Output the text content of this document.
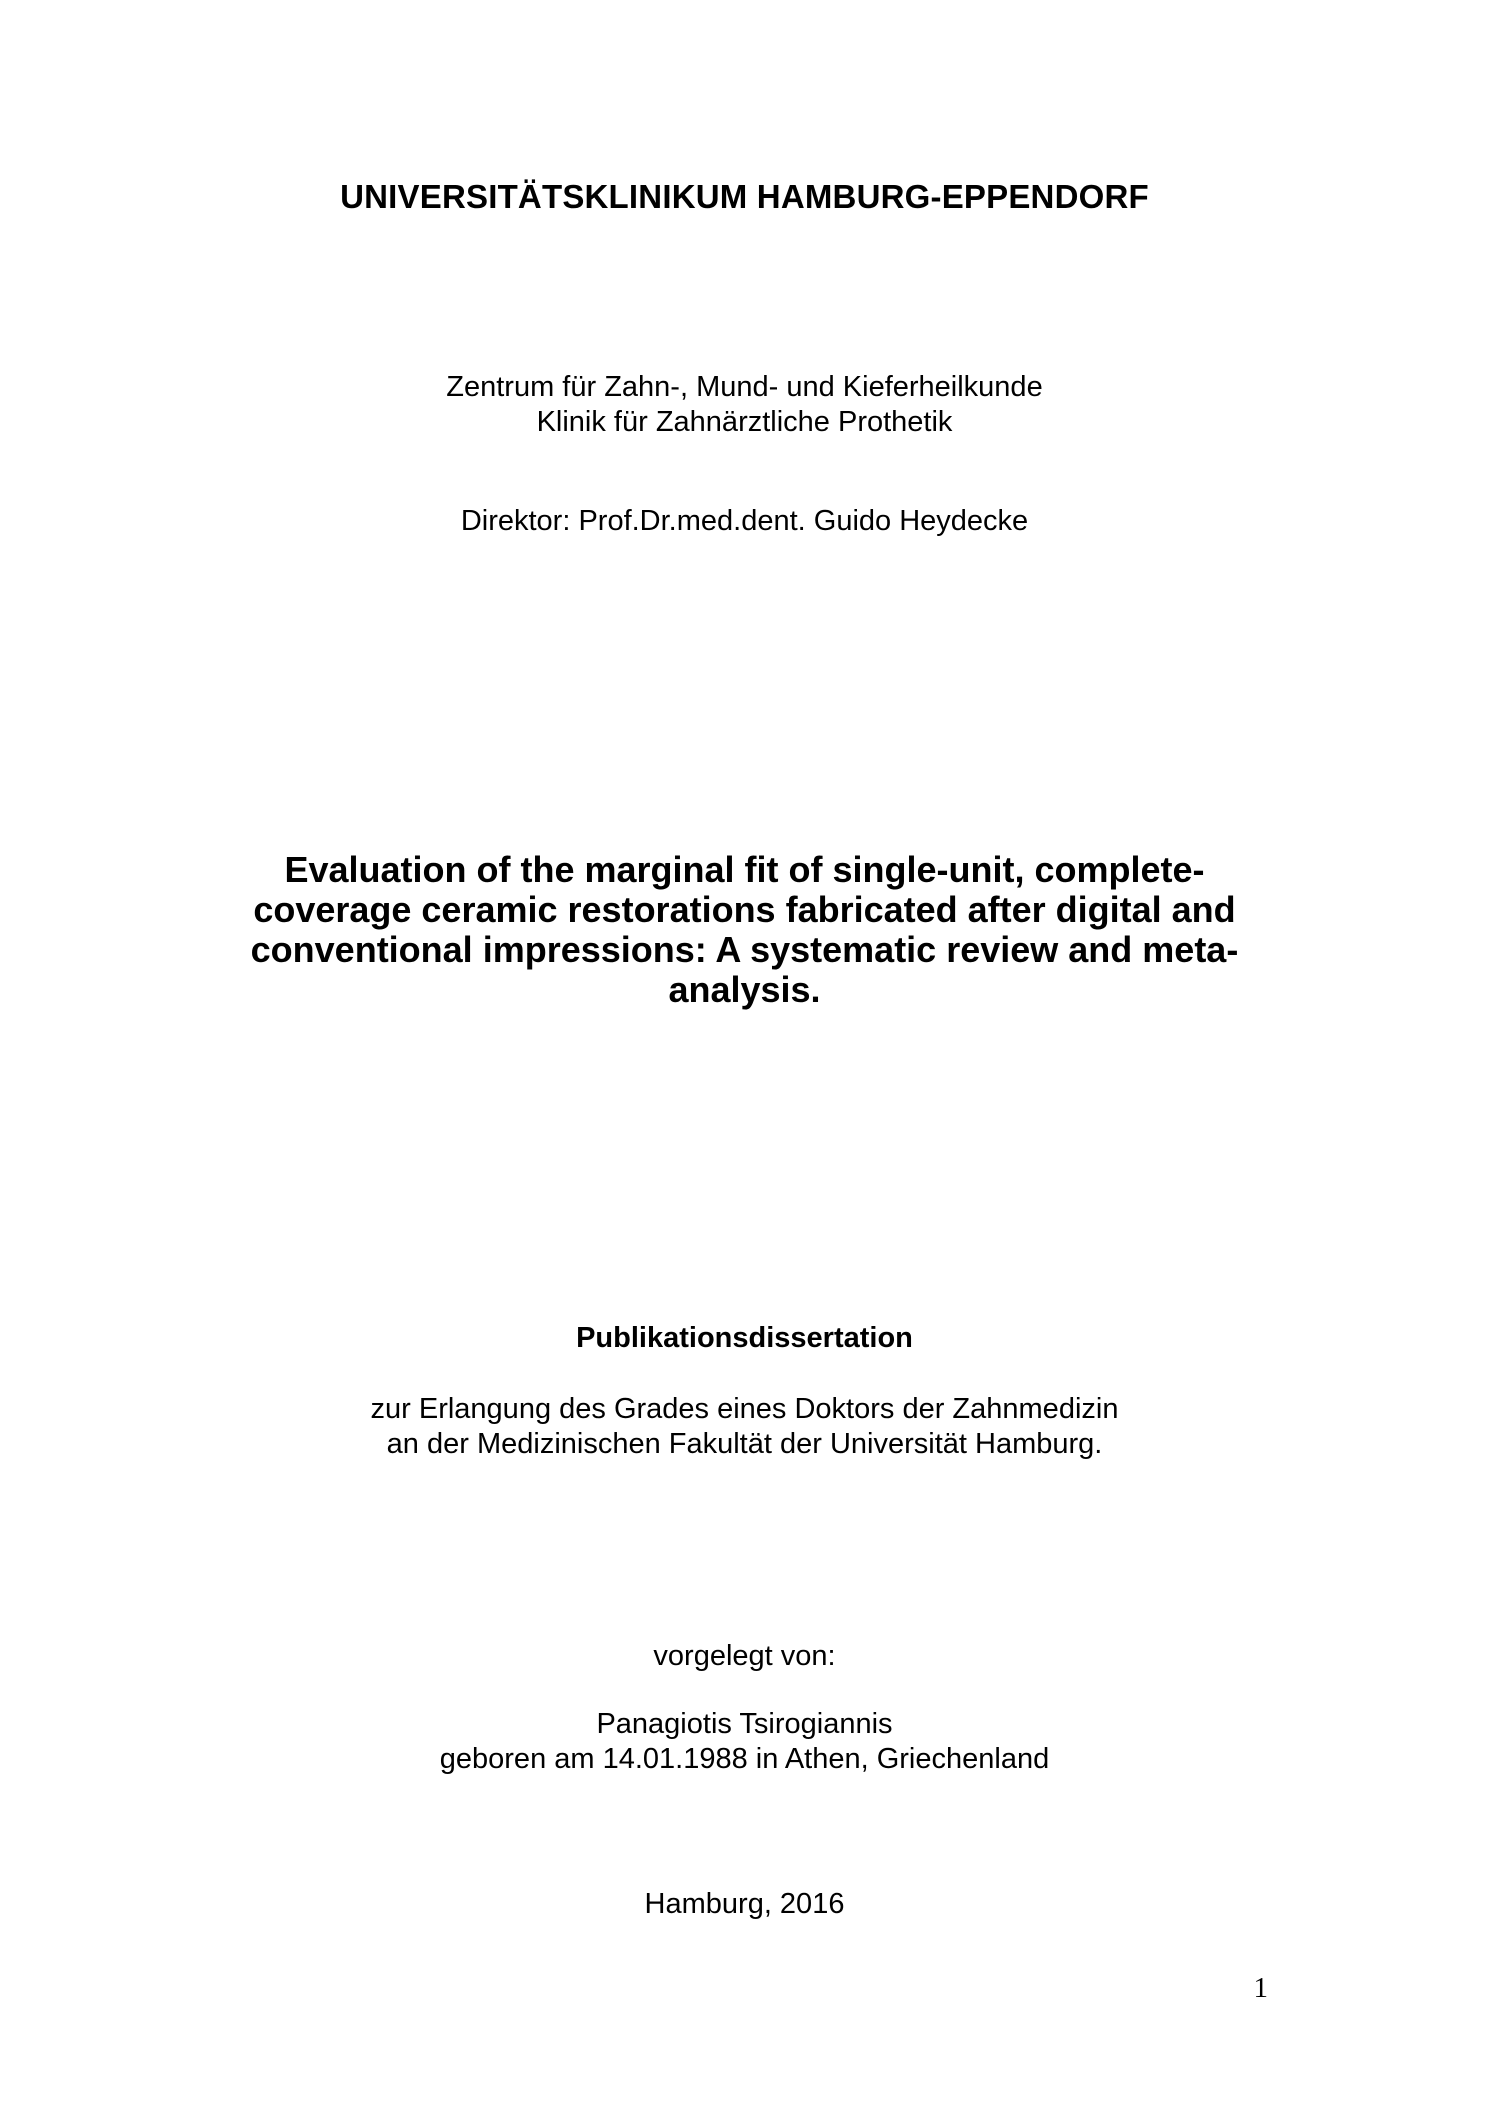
UNIVERSITÄTSKLINIKUM HAMBURG-EPPENDORF
Zentrum für Zahn-, Mund- und Kieferheilkunde
Klinik für Zahnärztliche Prothetik
Direktor: Prof.Dr.med.dent. Guido Heydecke
Evaluation of the marginal fit of single-unit, complete-
coverage ceramic restorations fabricated after digital and
conventional impressions: A systematic review and meta-
analysis.
Publikationsdissertation
zur Erlangung des Grades eines Doktors der Zahnmedizin
an der Medizinischen Fakultät der Universität Hamburg.
vorgelegt von:
Panagiotis Tsirogiannis
geboren am 14.01.1988 in Athen, Griechenland
Hamburg, 2016
1
